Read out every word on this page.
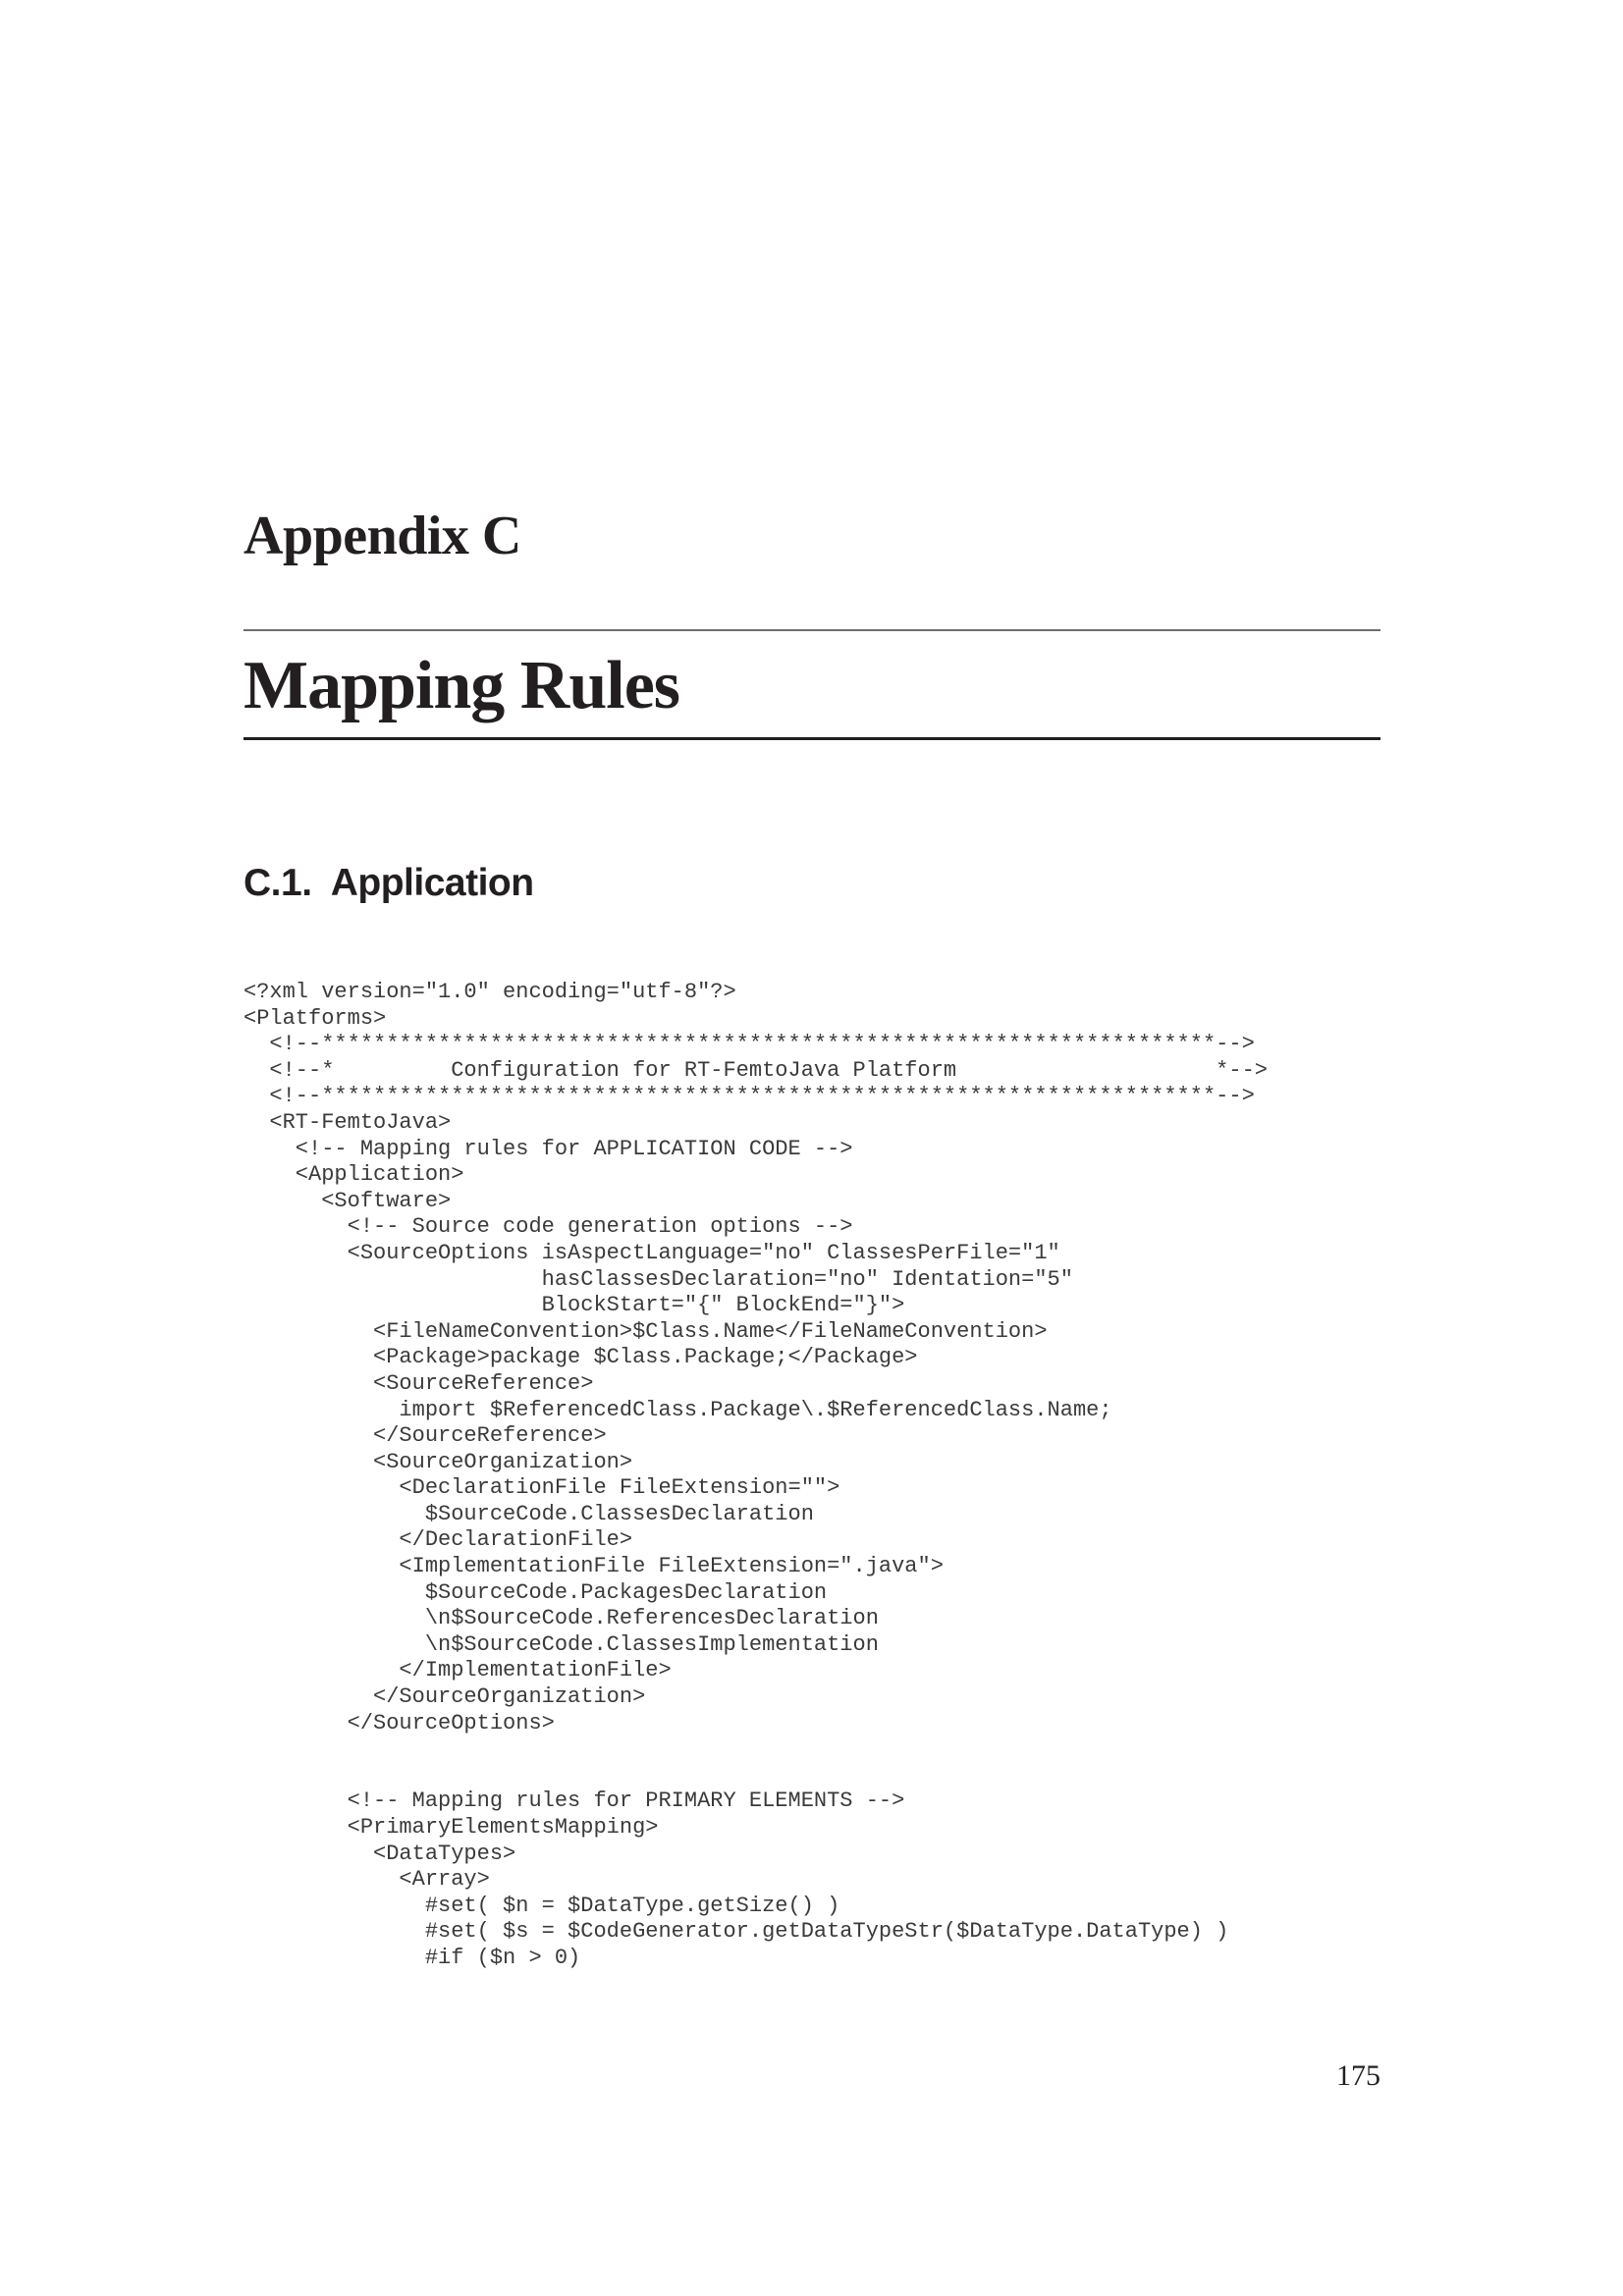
Appendix C
Mapping Rules
C.1.  Application
<?xml version="1.0" encoding="utf-8"?>
<Platforms>
<!--*********************************************************************-->
<!--*         Configuration for RT-FemtoJava Platform                    *-->
<!--*********************************************************************-->
<RT-FemtoJava>
<!-- Mapping rules for APPLICATION CODE -->
<Application>
<Software>
<!-- Source code generation options -->
<SourceOptions isAspectLanguage="no" ClassesPerFile="1"
hasClassesDeclaration="no" Identation="5"
BlockStart="{" BlockEnd="}">
<FileNameConvention>$Class.Name</FileNameConvention>
<Package>package $Class.Package;</Package>
<SourceReference>
import $ReferencedClass.Package\.$ReferencedClass.Name;
</SourceReference>
<SourceOrganization>
<DeclarationFile FileExtension="">
$SourceCode.ClassesDeclaration
</DeclarationFile>
<ImplementationFile FileExtension=".java">
$SourceCode.PackagesDeclaration
\n$SourceCode.ReferencesDeclaration
\n$SourceCode.ClassesImplementation
</ImplementationFile>
</SourceOrganization>
</SourceOptions>
<!-- Mapping rules for PRIMARY ELEMENTS -->
<PrimaryElementsMapping>
<DataTypes>
<Array>
#set( $n = $DataType.getSize() )
#set( $s = $CodeGenerator.getDataTypeStr($DataType.DataType) )
#if ($n > 0)
175
